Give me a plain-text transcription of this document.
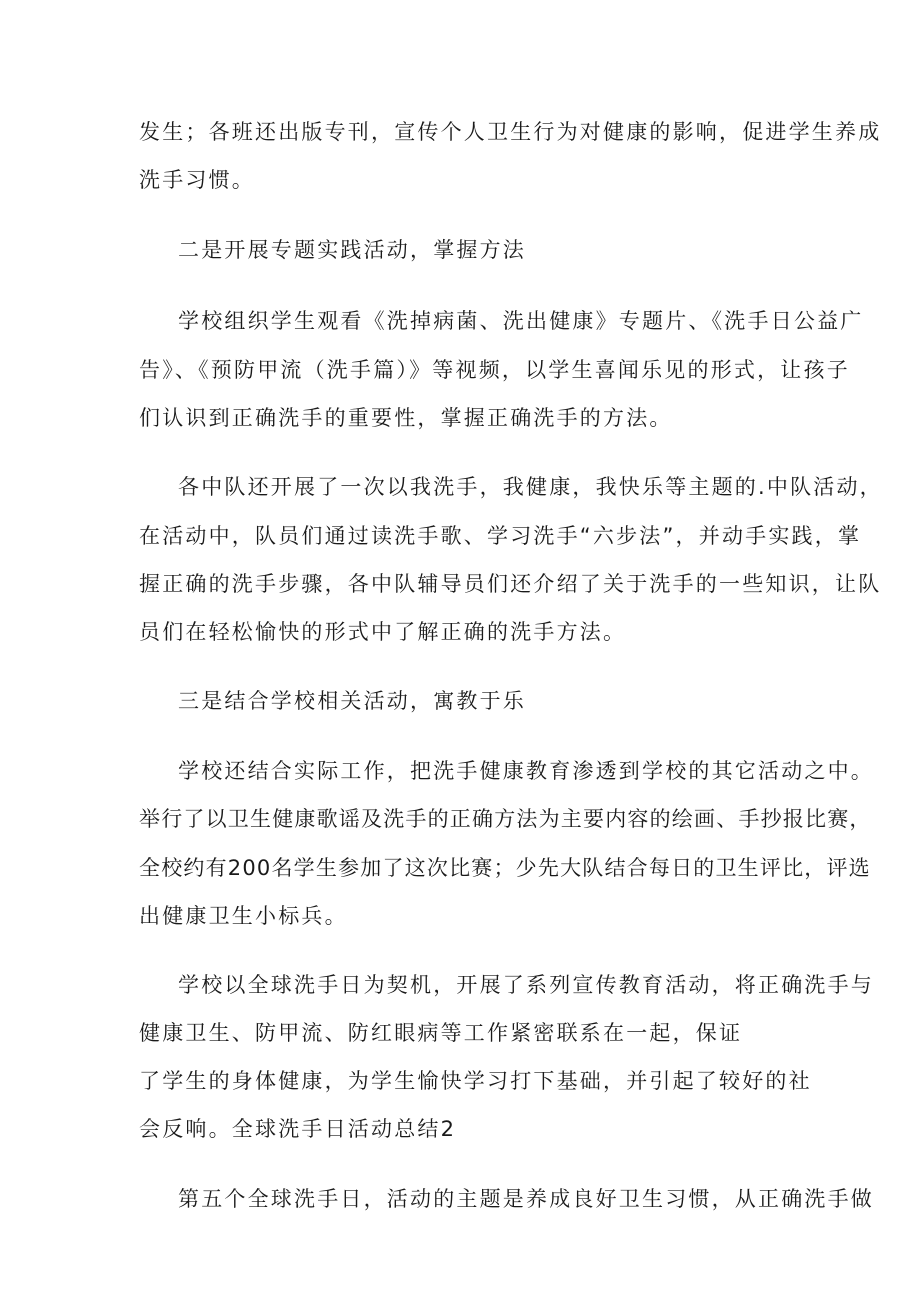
发生；各班还出版专刊，宣传个人卫生行为对健康的影响，促进学生养成
洗手习惯。
二是开展专题实践活动，掌握方法
学校组织学生观看《洗掉病菌、洗出健康》专题片、《洗手日公益广
告》、《预防甲流（洗手篇）》等视频，以学生喜闻乐见的形式，让孩子
们认识到正确洗手的重要性，掌握正确洗手的方法。
各中队还开展了一次以我洗手，我健康，我快乐等主题的.中队活动，
在活动中，队员们通过读洗手歌、学习洗手“六步法”，并动手实践，掌
握正确的洗手步骤，各中队辅导员们还介绍了关于洗手的一些知识，让队
员们在轻松愉快的形式中了解正确的洗手方法。
三是结合学校相关活动，寓教于乐
学校还结合实际工作，把洗手健康教育渗透到学校的其它活动之中。
举行了以卫生健康歌谣及洗手的正确方法为主要内容的绘画、手抄报比赛，
全校约有200名学生参加了这次比赛；少先大队结合每日的卫生评比，评选
出健康卫生小标兵。
学校以全球洗手日为契机，开展了系列宣传教育活动，将正确洗手与
健康卫生、防甲流、防红眼病等工作紧密联系在一起，保证
了学生的身体健康，为学生愉快学习打下基础，并引起了较好的社
会反响。全球洗手日活动总结2
第五个全球洗手日，活动的主题是养成良好卫生习惯，从正确洗手做
